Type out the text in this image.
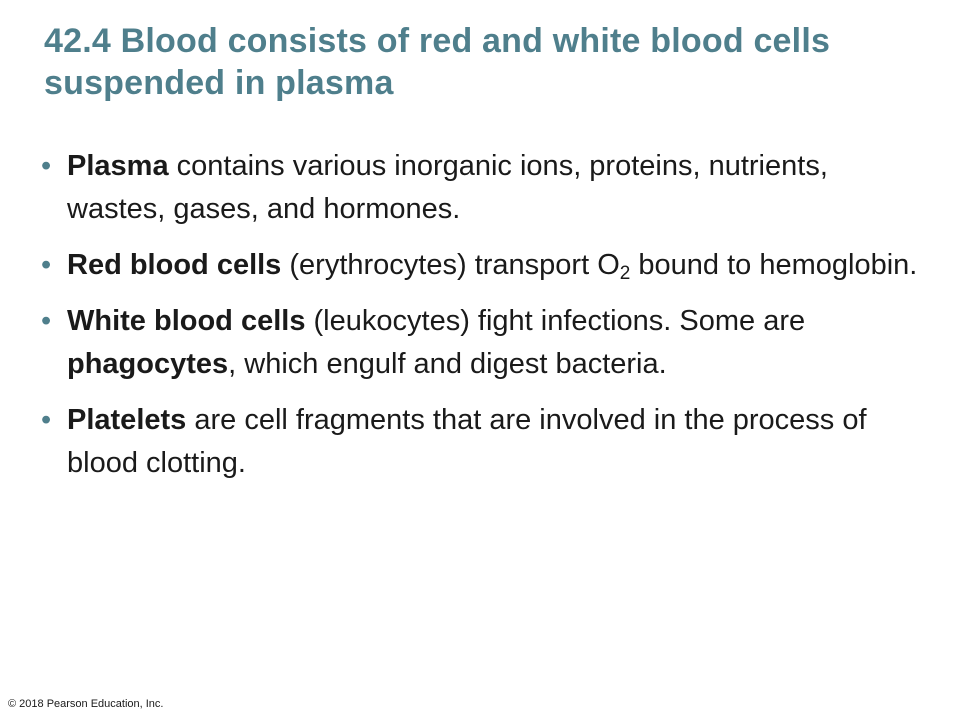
42.4 Blood consists of red and white blood cells suspended in plasma
• Plasma contains various inorganic ions, proteins, nutrients, wastes, gases, and hormones.
• Red blood cells (erythrocytes) transport $O_2$ bound to hemoglobin.
• White blood cells (leukocytes) fight infections. Some are phagocytes, which engulf and digest bacteria.
• Platelets are cell fragments that are involved in the process of blood clotting.
© 2018 Pearson Education, Inc.
